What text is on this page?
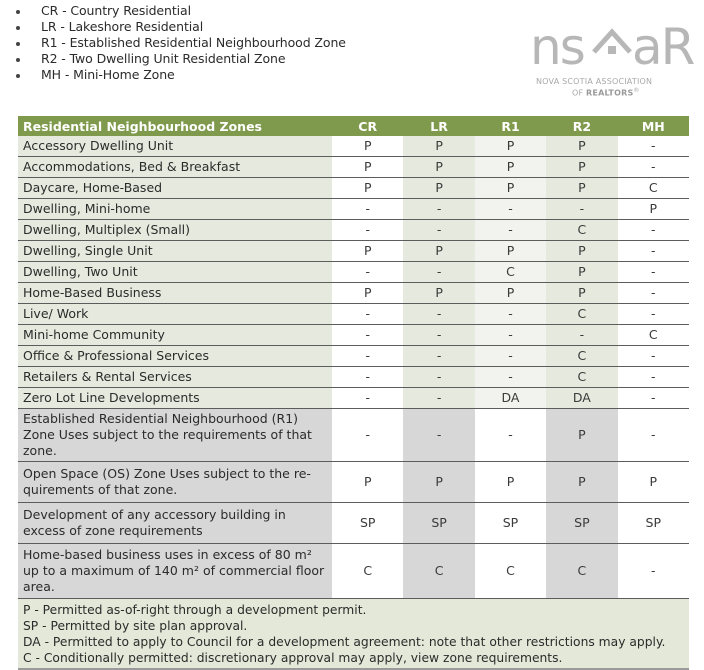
CR - Country Residential
LR - Lakeshore Residential
R1 - Established Residential Neighbourhood Zone
R2 - Two Dwelling Unit Residential Zone
MH - Mini-Home Zone	ns aR
NOVA SCOTIA ASSOCIATION
OF REALTORS®
Residential Neighbourhood Zones	CR	LR	R1	R2	MH
Accessory Dwelling Unit	P	P	P	P	-
Accommodations, Bed & Breakfast	P	P	P	P	-
Daycare, Home-Based	P	P	P	P	C
Dwelling, Mini-home	-	-	-	-	P
Dwelling, Multiplex (Small)	-	-	-	C	-
Dwelling, Single Unit	P	P	P	P	-
Dwelling, Two Unit	-	-	C	P	-
Home-Based Business	P	P	P	P	-
Live/ Work	-	-	-	C	-
Mini-home Community	-	-	-	-	C
Office & Professional Services	-	-	-	C	-
Retailers & Rental Services	-	-	-	C	-
Zero Lot Line Developments	-	-	DA	DA	-
Established Residential Neighbourhood (R1) Zone Uses subject to the requirements of that zone.	-	-	-	P	-
Open Space (OS) Zone Uses subject to the re-quirements of that zone.	P	P	P	P	P
Development of any accessory building in excess of zone requirements	SP	SP	SP	SP	SP
Home-based business uses in excess of 80 m² up to a maximum of 140 m² of commercial floor area.	C	C	C	C	-

P - Permitted as-of-right through a development permit.
SP - Permitted by site plan approval.
DA - Permitted to apply to Council for a development agreement: note that other restrictions may apply.
C - Conditionally permitted: discretionary approval may apply, view zone requirements.					
